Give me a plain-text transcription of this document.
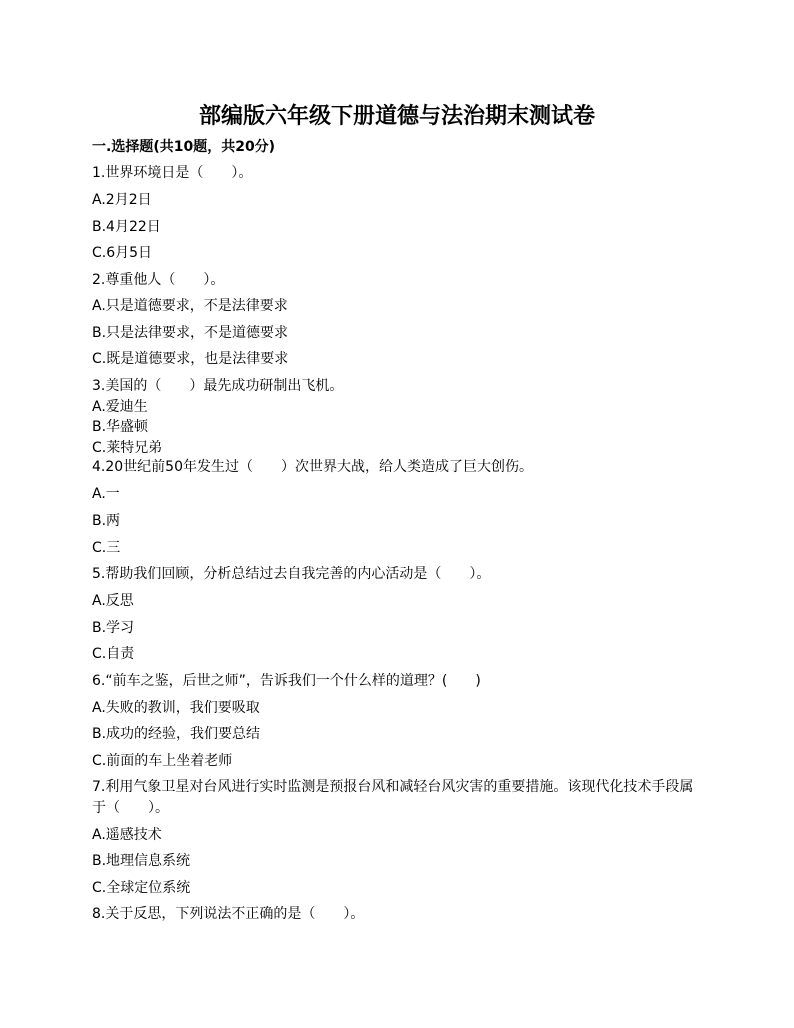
部编版六年级下册道德与法治期末测试卷
一.选择题(共10题，共20分)
1.世界环境日是（　　）。
A.2月2日
B.4月22日
C.6月5日
2.尊重他人（　　）。
A.只是道德要求，不是法律要求
B.只是法律要求，不是道德要求
C.既是道德要求，也是法律要求
3.美国的（　　）最先成功研制出飞机。
A.爱迪生
B.华盛顿
C.莱特兄弟
4.20世纪前50年发生过（　　）次世界大战，给人类造成了巨大创伤。
A.一
B.两
C.三
5.帮助我们回顾，分析总结过去自我完善的内心活动是（　　）。
A.反思
B.学习
C.自责
6.“前车之鉴，后世之师”，告诉我们一个什么样的道理？(　　)
A.失败的教训，我们要吸取
B.成功的经验，我们要总结
C.前面的车上坐着老师
7.利用气象卫星对台风进行实时监测是预报台风和减轻台风灾害的重要措施。该现代化技术手段属于（　　）。
A.遥感技术
B.地理信息系统
C.全球定位系统
8.关于反思，下列说法不正确的是（　　）。
